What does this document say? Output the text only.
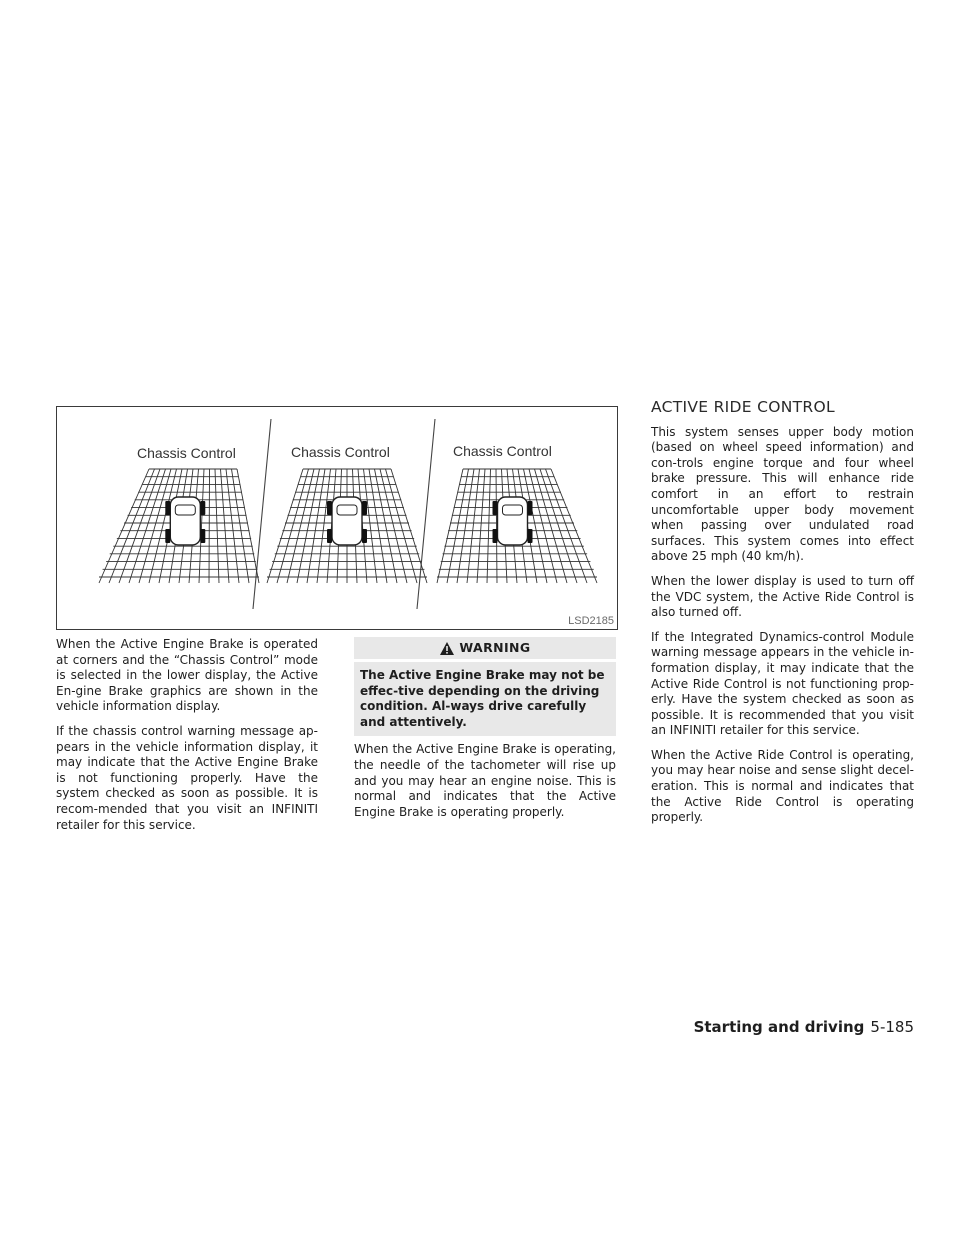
Chassis Control	Chassis Control	Chassis Control
LSD2185

When the Active Engine Brake is operated at corners and the “Chassis Control” mode is selected in the lower display, the Active En-gine Brake graphics are shown in the vehicle information display.

If the chassis control warning message ap-pears in the vehicle information display, it may indicate that the Active Engine Brake is not functioning properly. Have the system checked as soon as possible. It is recom-mended that you visit an INFINITI retailer for this service.

WARNING
The Active Engine Brake may not be effec-tive depending on the driving condition. Al-ways drive carefully and attentively.

When the Active Engine Brake is operating, the needle of the tachometer will rise up and you may hear an engine noise. This is normal and indicates that the Active Engine Brake is operating properly.

ACTIVE RIDE CONTROL

This system senses upper body motion (based on wheel speed information) and con-trols engine torque and four wheel brake pressure. This will enhance ride comfort in an effort to restrain uncomfortable upper body movement when passing over undulated road surfaces. This system comes into effect above 25 mph (40 km/h).

When the lower display is used to turn off the VDC system, the Active Ride Control is also turned off.

If the Integrated Dynamics-control Module warning message appears in the vehicle in-formation display, it may indicate that the Active Ride Control is not functioning prop-erly. Have the system checked as soon as possible. It is recommended that you visit an INFINITI retailer for this service.

When the Active Ride Control is operating, you may hear noise and sense slight decel-eration. This is normal and indicates that the Active Ride Control is operating properly.

Starting and driving 5-185
